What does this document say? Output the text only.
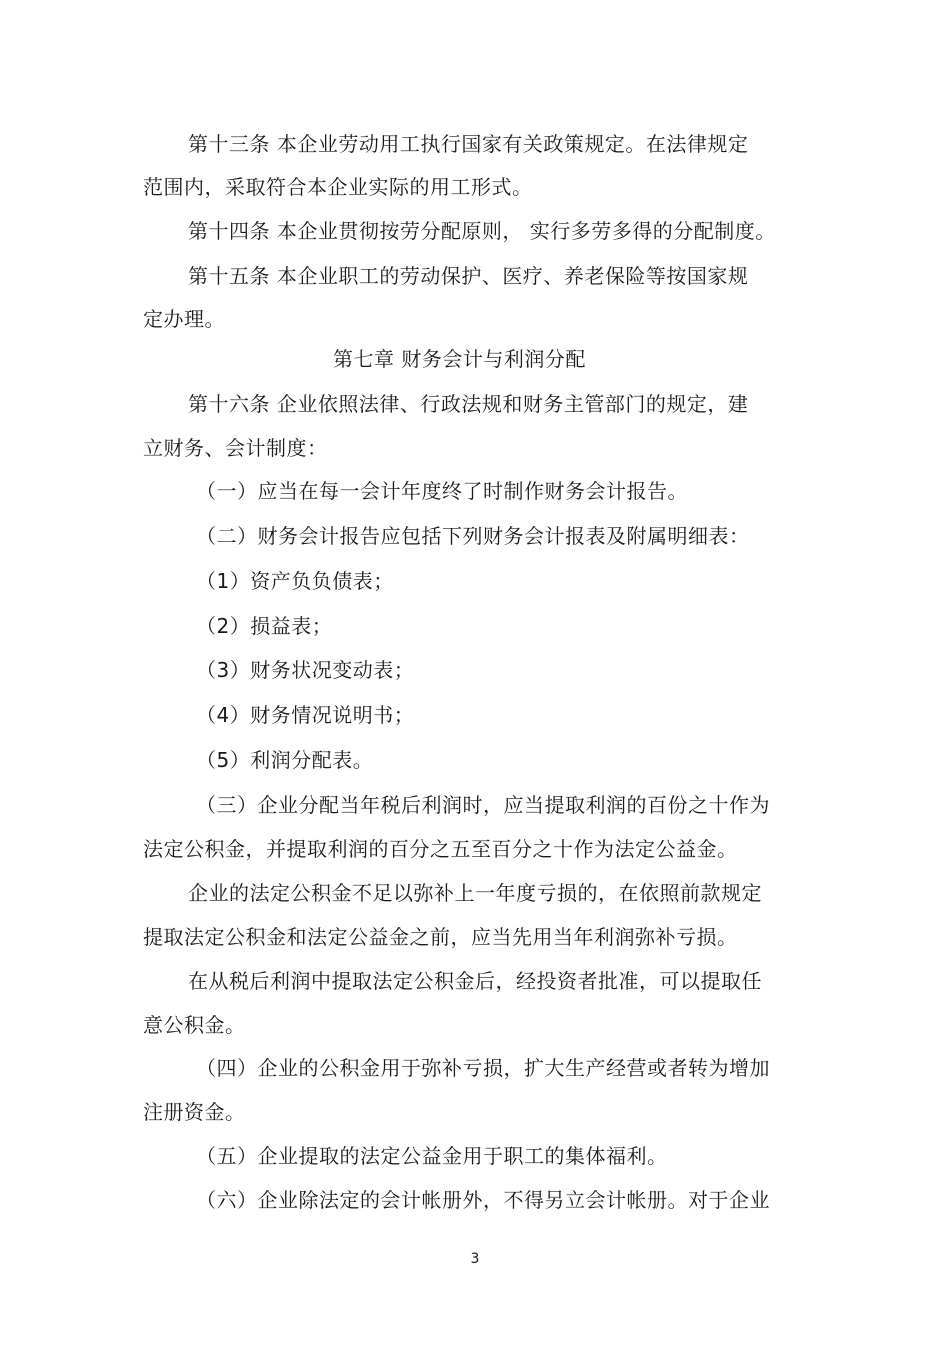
第十三条 本企业劳动用工执行国家有关政策规定。在法律规定
范围内，采取符合本企业实际的用工形式。
第十四条 本企业贯彻按劳分配原则， 实行多劳多得的分配制度。
第十五条 本企业职工的劳动保护、医疗、养老保险等按国家规
定办理。
第七章 财务会计与利润分配
第十六条 企业依照法律、行政法规和财务主管部门的规定，建
立财务、会计制度：
（一）应当在每一会计年度终了时制作财务会计报告。
（二）财务会计报告应包括下列财务会计报表及附属明细表：
（1）资产负负债表；
（2）损益表；
（3）财务状况变动表；
（4）财务情况说明书；
（5）利润分配表。
（三）企业分配当年税后利润时，应当提取利润的百份之十作为
法定公积金，并提取利润的百分之五至百分之十作为法定公益金。
企业的法定公积金不足以弥补上一年度亏损的，在依照前款规定
提取法定公积金和法定公益金之前，应当先用当年利润弥补亏损。
在从税后利润中提取法定公积金后，经投资者批准，可以提取任
意公积金。
（四）企业的公积金用于弥补亏损，扩大生产经营或者转为增加
注册资金。
（五）企业提取的法定公益金用于职工的集体福利。
（六）企业除法定的会计帐册外，不得另立会计帐册。对于企业
3
